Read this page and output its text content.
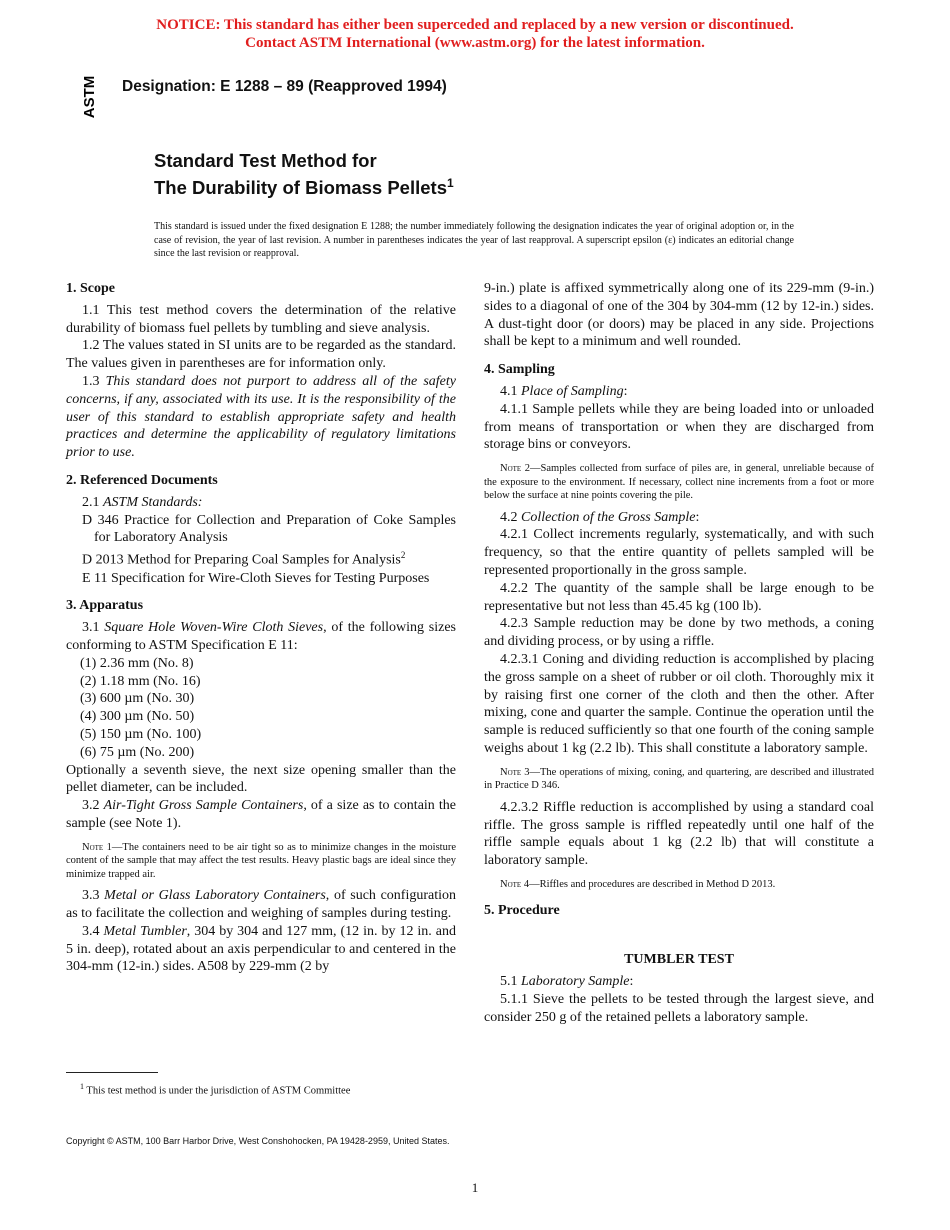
NOTICE: This standard has either been superceded and replaced by a new version or discontinued.
Contact ASTM International (www.astm.org) for the latest information.
ASTM Designation: E 1288 – 89 (Reapproved 1994)
Standard Test Method for
The Durability of Biomass Pellets$^1$
This standard is issued under the fixed designation E 1288; the number immediately following the designation indicates the year of original adoption or, in the case of revision, the year of last revision. A number in parentheses indicates the year of last reapproval. A superscript epsilon (ε) indicates an editorial change since the last revision or reapproval.
1. Scope

1.1 This test method covers the determination of the relative durability of biomass fuel pellets by tumbling and sieve analysis.

1.2 The values stated in SI units are to be regarded as the standard. The values given in parentheses are for information only.

1.3 This standard does not purport to address all of the safety concerns, if any, associated with its use. It is the responsibility of the user of this standard to establish appropriate safety and health practices and determine the applicability of regulatory limitations prior to use.

2. Referenced Documents

2.1 ASTM Standards:

D 346 Practice for Collection and Preparation of Coke Samples for Laboratory Analysis

D 2013 Method for Preparing Coal Samples for Analysis$^2$

E 11 Specification for Wire-Cloth Sieves for Testing Purposes

3. Apparatus

3.1 Square Hole Woven-Wire Cloth Sieves, of the following sizes conforming to ASTM Specification E 11:

(1) 2.36 mm (No. 8)

(2) 1.18 mm (No. 16)

(3) 600 µm (No. 30)

(4) 300 µm (No. 50)

(5) 150 µm (No. 100)

(6) 75 µm (No. 200)

Optionally a seventh sieve, the next size opening smaller than the pellet diameter, can be included.

3.2 Air-Tight Gross Sample Containers, of a size as to contain the sample (see Note 1).

Note 1—The containers need to be air tight so as to minimize changes in the moisture content of the sample that may affect the test results. Heavy plastic bags are ideal since they minimize trapped air.

3.3 Metal or Glass Laboratory Containers, of such configuration as to facilitate the collection and weighing of samples during testing.

3.4 Metal Tumbler, 304 by 304 and 127 mm, (12 in. by 12 in. and 5 in. deep), rotated about an axis perpendicular to and centered in the 304-mm (12-in.) sides. A508 by 229-mm (2 by

9-in.) plate is affixed symmetrically along one of its 229-mm (9-in.) sides to a diagonal of one of the 304 by 304-mm (12 by 12-in.) sides. A dust-tight door (or doors) may be placed in any side. Projections shall be kept to a minimum and well rounded.

4. Sampling

4.1 Place of Sampling:

4.1.1 Sample pellets while they are being loaded into or unloaded from means of transportation or when they are discharged from storage bins or conveyors.

Note 2—Samples collected from surface of piles are, in general, unreliable because of the exposure to the environment. If necessary, collect nine increments from a foot or more below the surface at nine points covering the pile.

4.2 Collection of the Gross Sample:

4.2.1 Collect increments regularly, systematically, and with such frequency, so that the entire quantity of pellets sampled will be represented proportionally in the gross sample.

4.2.2 The quantity of the sample shall be large enough to be representative but not less than 45.45 kg (100 lb).

4.2.3 Sample reduction may be done by two methods, a coning and dividing process, or by using a riffle.

4.2.3.1 Coning and dividing reduction is accomplished by placing the gross sample on a sheet of rubber or oil cloth. Thoroughly mix it by raising first one corner of the cloth and then the other. After mixing, cone and quarter the sample. Continue the operation until the sample is reduced sufficiently so that one fourth of the coning sample weighs about 1 kg (2.2 lb). This shall constitute a laboratory sample.

Note 3—The operations of mixing, coning, and quartering, are described and illustrated in Practice D 346.

4.2.3.2 Riffle reduction is accomplished by using a standard coal riffle. The gross sample is riffled repeatedly until one half of the riffle sample equals about 1 kg (2.2 lb) that will constitute a laboratory sample.

Note 4—Riffles and procedures are described in Method D 2013.

5. Procedure

TUMBLER TEST

5.1 Laboratory Sample:

5.1.1 Sieve the pellets to be tested through the largest sieve, and consider 250 g of the retained pellets a laboratory sample.

$^1$ This test method is under the jurisdiction of ASTM Committee
Copyright © ASTM, 100 Barr Harbor Drive, West Conshohocken, PA 19428-2959, United States.
1
